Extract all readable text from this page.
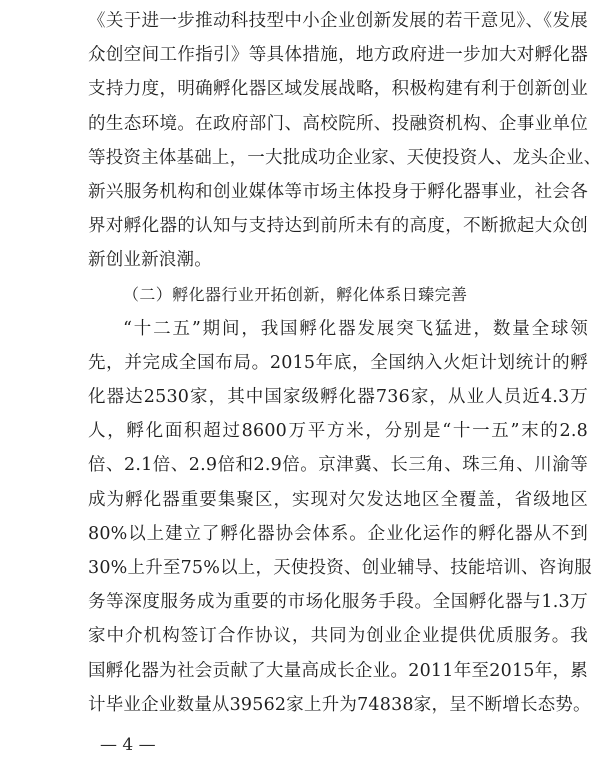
《关于进一步推动科技型中小企业创新发展的若干意见》、《发展
众创空间工作指引》等具体措施，地方政府进一步加大对孵化器
支持力度，明确孵化器区域发展战略，积极构建有利于创新创业
的生态环境。在政府部门、高校院所、投融资机构、企事业单位
等投资主体基础上，一大批成功企业家、天使投资人、龙头企业、
新兴服务机构和创业媒体等市场主体投身于孵化器事业，社会各
界对孵化器的认知与支持达到前所未有的高度，不断掀起大众创
新创业新浪潮。
（二）孵化器行业开拓创新，孵化体系日臻完善
“十二五”期间，我国孵化器发展突飞猛进，数量全球领
先，并完成全国布局。2015年底，全国纳入火炬计划统计的孵
化器达2530家，其中国家级孵化器736家，从业人员近4.3万
人，孵化面积超过8600万平方米，分别是“十一五”末的2.8
倍、2.1倍、2.9倍和2.9倍。京津冀、长三角、珠三角、川渝等
成为孵化器重要集聚区，实现对欠发达地区全覆盖，省级地区
80%以上建立了孵化器协会体系。企业化运作的孵化器从不到
30%上升至75%以上，天使投资、创业辅导、技能培训、咨询服
务等深度服务成为重要的市场化服务手段。全国孵化器与1.3万
家中介机构签订合作协议，共同为创业企业提供优质服务。我
国孵化器为社会贡献了大量高成长企业。2011年至2015年，累
计毕业企业数量从39562家上升为74838家，呈不断增长态势。
— 4 —
